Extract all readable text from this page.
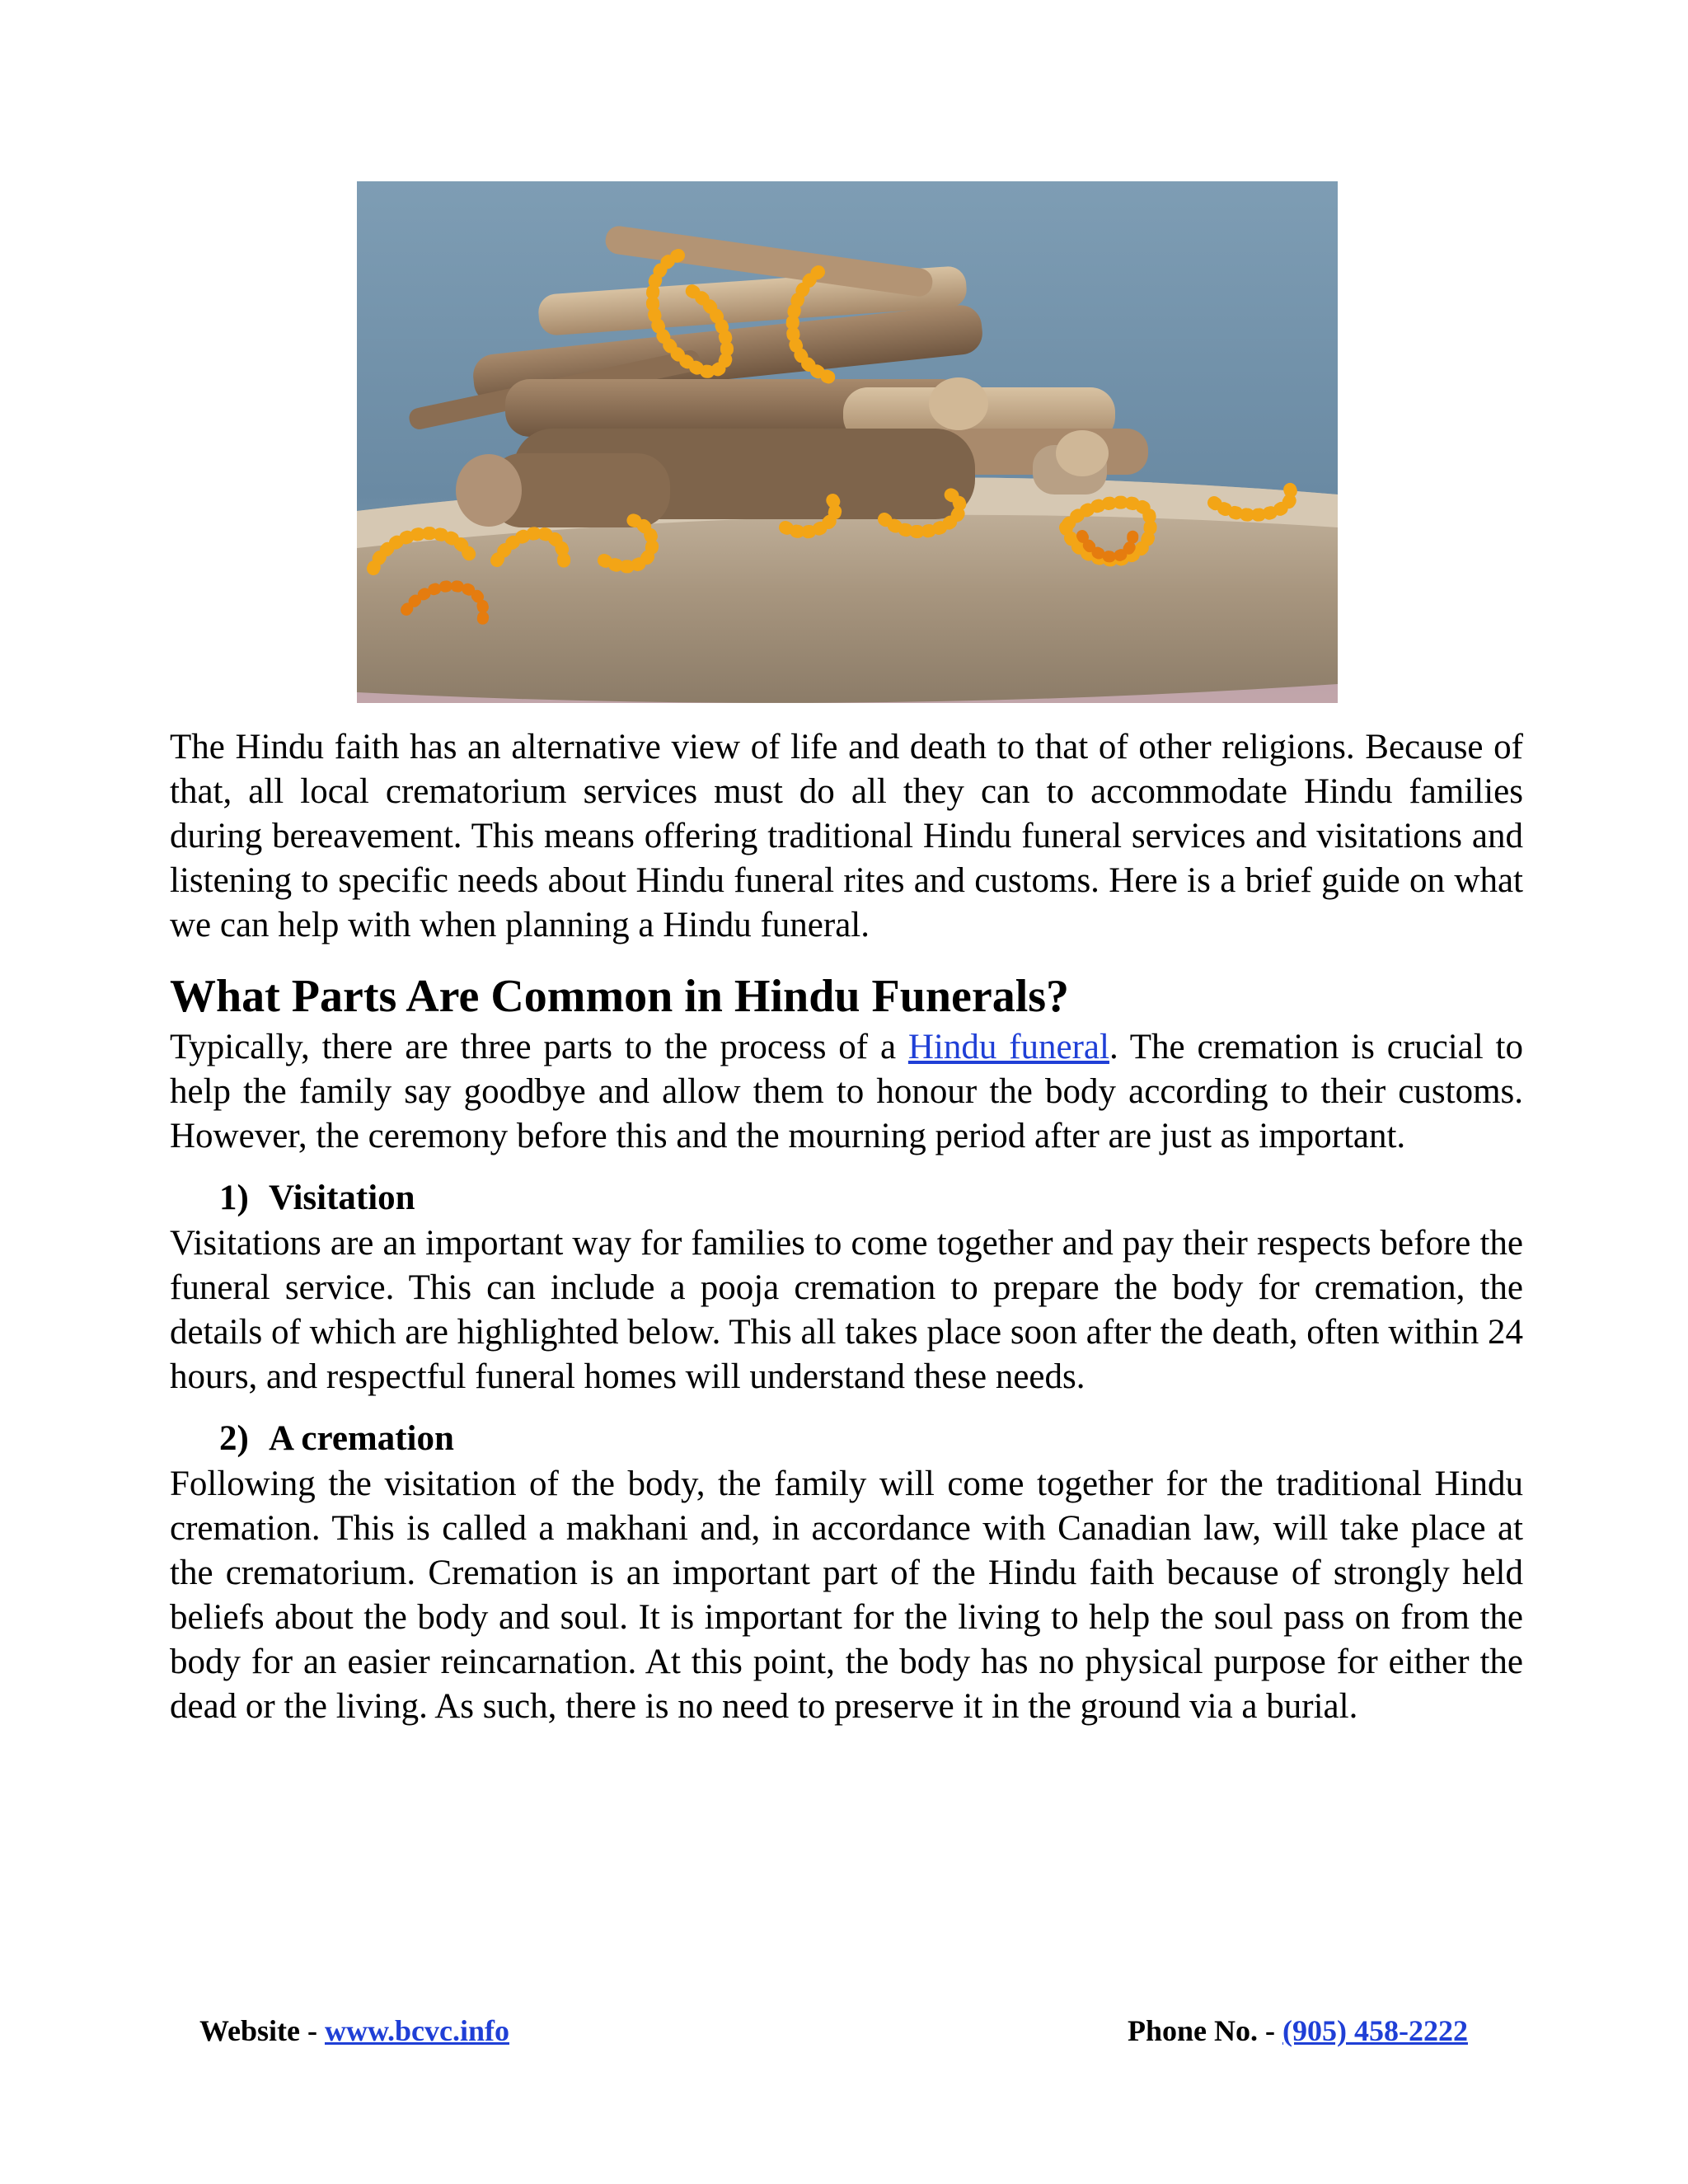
The Hindu faith has an alternative view of life and death to that of other religions. Because of that, all local crematorium services must do all they can to accommodate Hindu families during bereavement. This means offering traditional Hindu funeral services and visitations and listening to specific needs about Hindu funeral rites and customs. Here is a brief guide on what we can help with when planning a Hindu funeral.

What Parts Are Common in Hindu Funerals?

Typically, there are three parts to the process of a Hindu funeral. The cremation is crucial to help the family say goodbye and allow them to honour the body according to their customs. However, the ceremony before this and the mourning period after are just as important.

1) Visitation

Visitations are an important way for families to come together and pay their respects before the funeral service. This can include a pooja cremation to prepare the body for cremation, the details of which are highlighted below. This all takes place soon after the death, often within 24 hours, and respectful funeral homes will understand these needs.

2) A cremation

Following the visitation of the body, the family will come together for the traditional Hindu cremation. This is called a makhani and, in accordance with Canadian law, will take place at the crematorium. Cremation is an important part of the Hindu faith because of strongly held beliefs about the body and soul. It is important for the living to help the soul pass on from the body for an easier reincarnation. At this point, the body has no physical purpose for either the dead or the living. As such, there is no need to preserve it in the ground via a burial.

Website - www.bcvc.info	Phone No. - (905) 458-2222
